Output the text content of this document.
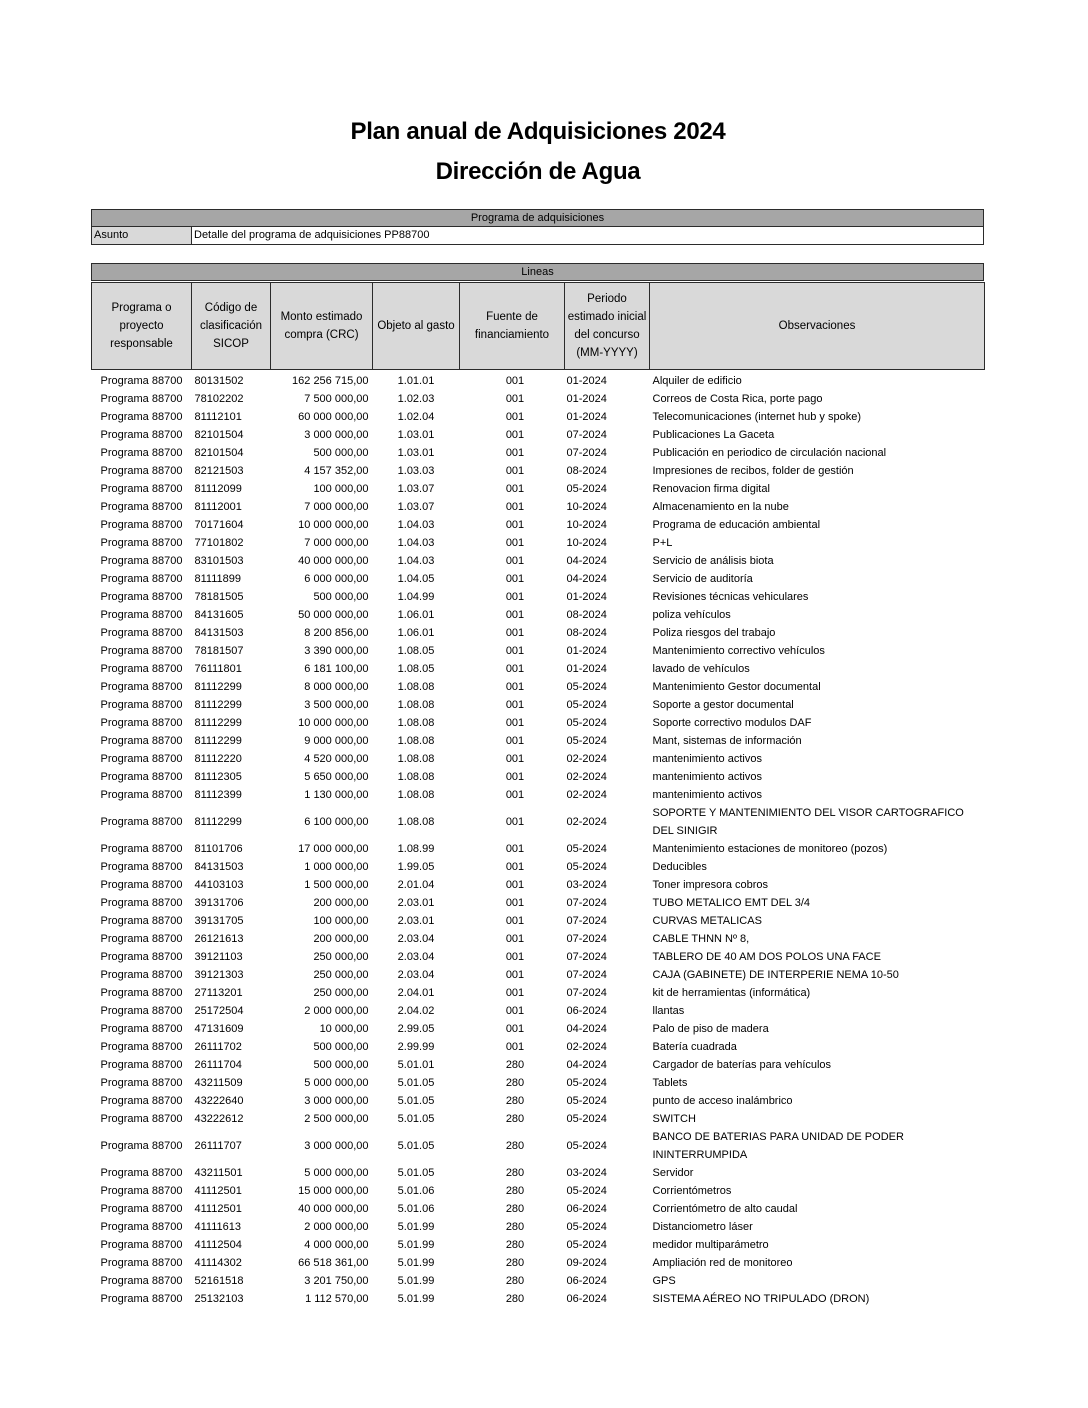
Plan anual de Adquisiciones 2024
Dirección de Agua
Programa de adquisiciones
Asunto	Detalle del programa de adquisiciones PP88700
Lineas
Programa o proyecto responsable	Código de clasificación SICOP	Monto estimado compra (CRC)	Objeto al gasto	Fuente de financiamiento	Periodo estimado inicial del concurso (MM-YYYY)	Observaciones

Programa 88700	80131502	162 256 715,00	1.01.01	001	01-2024	Alquiler de edificio
Programa 88700	78102202	7 500 000,00	1.02.03	001	01-2024	Correos de Costa Rica, porte pago
Programa 88700	81112101	60 000 000,00	1.02.04	001	01-2024	Telecomunicaciones (internet hub y spoke)
Programa 88700	82101504	3 000 000,00	1.03.01	001	07-2024	Publicaciones La Gaceta
Programa 88700	82101504	500 000,00	1.03.01	001	07-2024	Publicación en periodico de circulación nacional
Programa 88700	82121503	4 157 352,00	1.03.03	001	08-2024	Impresiones de recibos, folder de gestión
Programa 88700	81112099	100 000,00	1.03.07	001	05-2024	Renovacion firma digital
Programa 88700	81112001	7 000 000,00	1.03.07	001	10-2024	Almacenamiento en la nube
Programa 88700	70171604	10 000 000,00	1.04.03	001	10-2024	Programa de educación ambiental
Programa 88700	77101802	7 000 000,00	1.04.03	001	10-2024	P+L
Programa 88700	83101503	40 000 000,00	1.04.03	001	04-2024	Servicio de análisis biota
Programa 88700	81111899	6 000 000,00	1.04.05	001	04-2024	Servicio de auditoría
Programa 88700	78181505	500 000,00	1.04.99	001	01-2024	Revisiones técnicas vehiculares
Programa 88700	84131605	50 000 000,00	1.06.01	001	08-2024	poliza vehículos
Programa 88700	84131503	8 200 856,00	1.06.01	001	08-2024	Poliza riesgos del trabajo
Programa 88700	78181507	3 390 000,00	1.08.05	001	01-2024	Mantenimiento correctivo vehículos
Programa 88700	76111801	6 181 100,00	1.08.05	001	01-2024	lavado de vehículos
Programa 88700	81112299	8 000 000,00	1.08.08	001	05-2024	Mantenimiento Gestor documental
Programa 88700	81112299	3 500 000,00	1.08.08	001	05-2024	Soporte a gestor documental
Programa 88700	81112299	10 000 000,00	1.08.08	001	05-2024	Soporte correctivo modulos DAF
Programa 88700	81112299	9 000 000,00	1.08.08	001	05-2024	Mant, sistemas de información
Programa 88700	81112220	4 520 000,00	1.08.08	001	02-2024	mantenimiento activos
Programa 88700	81112305	5 650 000,00	1.08.08	001	02-2024	mantenimiento activos
Programa 88700	81112399	1 130 000,00	1.08.08	001	02-2024	mantenimiento activos
Programa 88700	81112299	6 100 000,00	1.08.08	001	02-2024	SOPORTE Y MANTENIMIENTO DEL VISOR CARTOGRAFICO DEL SINIGIR
Programa 88700	81101706	17 000 000,00	1.08.99	001	05-2024	Mantenimiento estaciones de monitoreo (pozos)
Programa 88700	84131503	1 000 000,00	1.99.05	001	05-2024	Deducibles
Programa 88700	44103103	1 500 000,00	2.01.04	001	03-2024	Toner impresora cobros
Programa 88700	39131706	200 000,00	2.03.01	001	07-2024	TUBO METALICO EMT DEL 3/4
Programa 88700	39131705	100 000,00	2.03.01	001	07-2024	CURVAS METALICAS
Programa 88700	26121613	200 000,00	2.03.04	001	07-2024	CABLE THNN Nº 8,
Programa 88700	39121103	250 000,00	2.03.04	001	07-2024	TABLERO DE 40 AM DOS POLOS UNA FACE
Programa 88700	39121303	250 000,00	2.03.04	001	07-2024	CAJA (GABINETE) DE INTERPERIE NEMA 10-50
Programa 88700	27113201	250 000,00	2.04.01	001	07-2024	kit de herramientas (informática)
Programa 88700	25172504	2 000 000,00	2.04.02	001	06-2024	llantas
Programa 88700	47131609	10 000,00	2.99.05	001	04-2024	Palo de piso de madera
Programa 88700	26111702	500 000,00	2.99.99	001	02-2024	Batería cuadrada
Programa 88700	26111704	500 000,00	5.01.01	280	04-2024	Cargador de baterías para vehículos
Programa 88700	43211509	5 000 000,00	5.01.05	280	05-2024	Tablets
Programa 88700	43222640	3 000 000,00	5.01.05	280	05-2024	punto de acceso inalámbrico
Programa 88700	43222612	2 500 000,00	5.01.05	280	05-2024	SWITCH
Programa 88700	26111707	3 000 000,00	5.01.05	280	05-2024	BANCO DE BATERIAS PARA UNIDAD DE PODER ININTERRUMPIDA
Programa 88700	43211501	5 000 000,00	5.01.05	280	03-2024	Servidor
Programa 88700	41112501	15 000 000,00	5.01.06	280	05-2024	Corrientómetros
Programa 88700	41112501	40 000 000,00	5.01.06	280	06-2024	Corrientómetro de alto caudal
Programa 88700	41111613	2 000 000,00	5.01.99	280	05-2024	Distanciometro láser
Programa 88700	41112504	4 000 000,00	5.01.99	280	05-2024	medidor multiparámetro
Programa 88700	41114302	66 518 361,00	5.01.99	280	09-2024	Ampliación red de monitoreo
Programa 88700	52161518	3 201 750,00	5.01.99	280	06-2024	GPS
Programa 88700	25132103	1 112 570,00	5.01.99	280	06-2024	SISTEMA AÉREO NO TRIPULADO (DRON)
